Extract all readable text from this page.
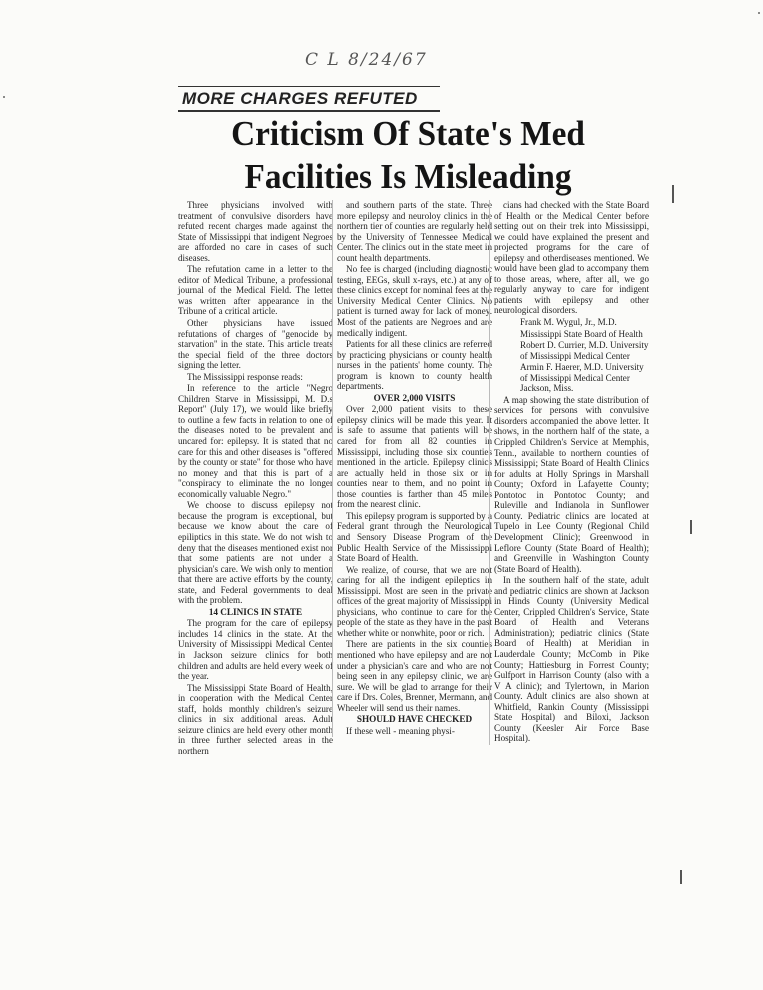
C L 8/24/67
MORE CHARGES REFUTED
Criticism Of State's Med
Facilities Is Misleading

Three physicians involved with treatment of convulsive disorders have refuted recent charges made against the State of Mississippi that indigent Negroes are afforded no care in cases of such diseases.

The refutation came in a letter to the editor of Medical Tribune, a professional journal of the Medical Field. The letter was written after appearance in the Tribune of a critical article.

Other physicians have issued refutations of charges of "genocide by starvation" in the state. This article treats the special field of the three doctors signing the letter.

The Mississippi response reads:

In reference to the article "Negro Children Starve in Mississippi, M. D.s Report" (July 17), we would like briefly to outline a few facts in relation to one of the diseases noted to be prevalent and uncared for: epilepsy. It is stated that no care for this and other diseases is "offered by the county or state" for those who have no money and that this is part of a "conspiracy to eliminate the no longer economically valuable Negro."

We choose to discuss epilepsy not because the program is exceptional, but because we know about the care of epiliptics in this state. We do not wish to deny that the diseases mentioned exist nor that some patients are not under a physician's care. We wish only to mention that there are active efforts by the county, state, and Federal governments to deal with the problem.

14 CLINICS IN STATE

The program for the care of epilepsy includes 14 clinics in the state. At the University of Mississippi Medical Center in Jackson seizure clinics for both children and adults are held every week of the year.

The Mississippi State Board of Health, in cooperation with the Medical Center staff, holds monthly children's seizure clinics in six additional areas. Adult seizure clinics are held every other month in three further selected areas in the northern

and southern parts of the state. Three more epilepsy and neuroloy clinics in the northern tier of counties are regularly held by the University of Tennessee Medical Center. The clinics out in the state meet in count health departments.

No fee is charged (including diagnostic testing, EEGs, skull x-rays, etc.) at any of these clinics except for nominal fees at the University Medical Center Clinics. No patient is turned away for lack of money. Most of the patients are Negroes and are medically indigent.

Patients for all these clinics are referred by practicing physicians or county health nurses in the patients' home county. The program is known to county health departments.

OVER 2,000 VISITS

Over 2,000 patient visits to these epilepsy clinics will be made this year. It is safe to assume that patients will be cared for from all 82 counties in Mississippi, including those six counties mentioned in the article. Epilepsy clinics are actually held in those six or in counties near to them, and no point in those counties is farther than 45 miles from the nearest clinic.

This epilepsy program is supported by a Federal grant through the Neurological and Sensory Disease Program of the Public Health Service of the Mississippi State Board of Health.

We realize, of course, that we are not caring for all the indigent epileptics in Mississippi. Most are seen in the private offices of the great majority of Mississippi physicians, who continue to care for the people of the state as they have in the past whether white or nonwhite, poor or rich.

There are patients in the six counties mentioned who have epilepsy and are not under a physician's care and who are not being seen in any epilepsy clinic, we are sure. We will be glad to arrange for their care if Drs. Coles, Brenner, Mermann, and Wheeler will send us their names.

SHOULD HAVE CHECKED

If these well - meaning physi-

cians had checked with the State Board of Health or the Medical Center before setting out on their trek into Mississippi, we could have explained the present and projected programs for the care of epilepsy and otherdiseases mentioned. We would have been glad to accompany them to those areas, where, after all, we go regularly anyway to care for indigent patients with epilepsy and other neurological disorders.

Frank M. Wygul, Jr., M.D.

Mississippi State Board of Health

Robert D. Currier, M.D. University of Mississippi Medical Center

Armin F. Haerer, M.D. University of Mississippi Medical Center Jackson, Miss.

A map showing the state distribution of services for persons with convulsive disorders accompanied the above letter. It shows, in the northern half of the state, a Crippled Children's Service at Memphis, Tenn., available to northern counties of Mississippi; State Board of Health Clinics for adults at Holly Springs in Marshall County; Oxford in Lafayette County; Pontotoc in Pontotoc County; and Ruleville and Indianola in Sunflower County. Pediatric clinics are located at Tupelo in Lee County (Regional Child Development Clinic); Greenwood in Leflore County (State Board of Health); and Greenville in Washington County (State Board of Health).

In the southern half of the state, adult and pediatric clinics are shown at Jackson in Hinds County (University Medical Center, Crippled Children's Service, State Board of Health and Veterans Administration); pediatric clinics (State Board of Health) at Meridian in Lauderdale County; McComb in Pike County; Hattiesburg in Forrest County; Gulfport in Harrison County (also with a V A clinic); and Tylertown, in Marion County. Adult clinics are also shown at Whitfield, Rankin County (Mississippi State Hospital) and Biloxi, Jackson County (Keesler Air Force Base Hospital).
